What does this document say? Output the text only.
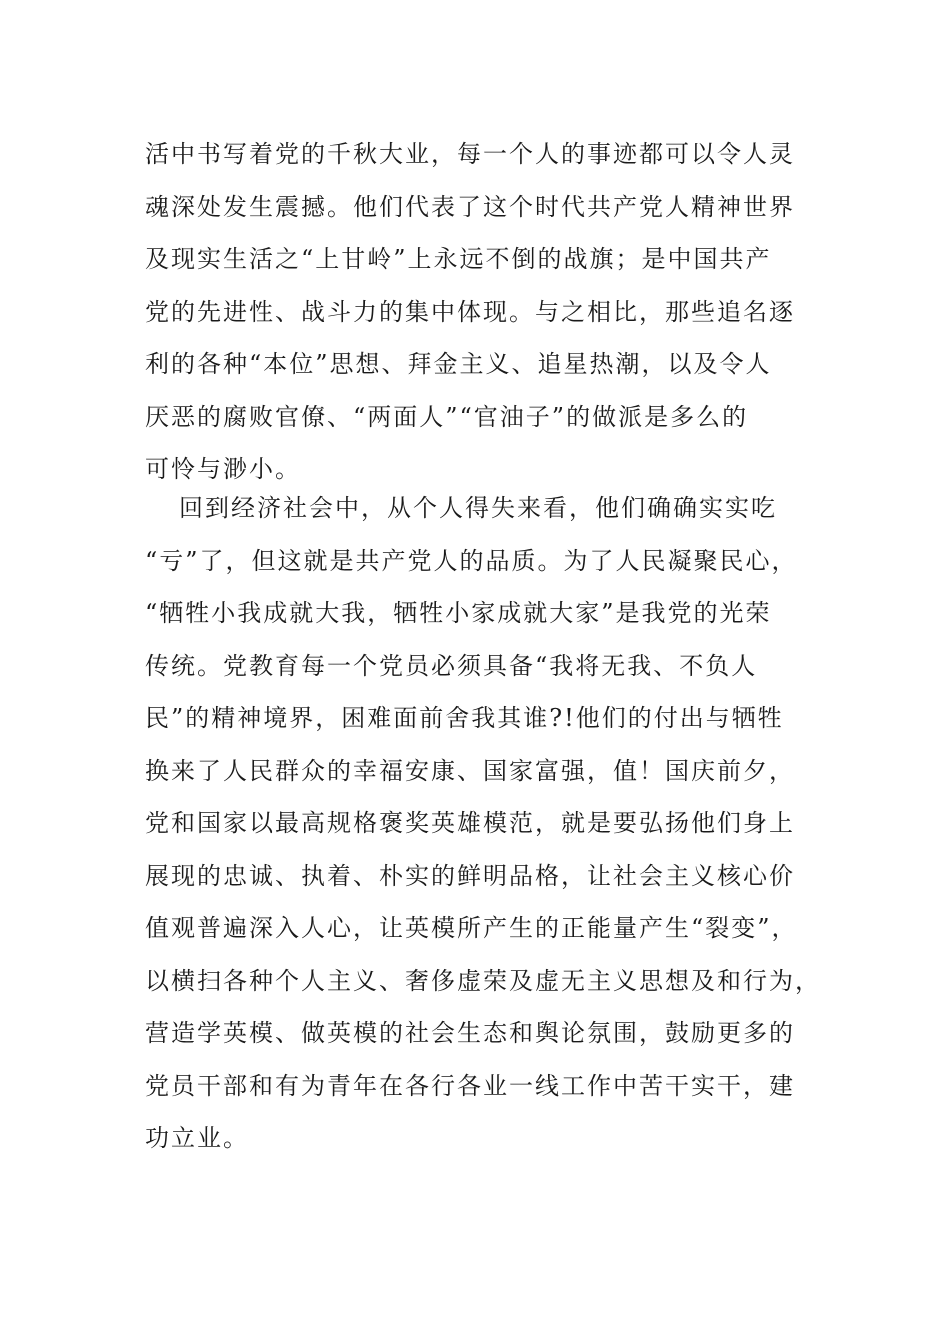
活中书写着党的千秋大业，每一个人的事迹都可以令人灵
魂深处发生震撼。他们代表了这个时代共产党人精神世界
及现实生活之“上甘岭”上永远不倒的战旗；是中国共产
党的先进性、战斗力的集中体现。与之相比，那些追名逐
利的各种“本位”思想、拜金主义、追星热潮，以及令人
厌恶的腐败官僚、“两面人”“官油子”的做派是多么的
可怜与渺小。
回到经济社会中，从个人得失来看，他们确确实实吃
“亏”了，但这就是共产党人的品质。为了人民凝聚民心，
“牺牲小我成就大我，牺牲小家成就大家”是我党的光荣
传统。党教育每一个党员必须具备“我将无我、不负人
民”的精神境界，困难面前舍我其谁?!他们的付出与牺牲
换来了人民群众的幸福安康、国家富强，值！国庆前夕，
党和国家以最高规格褒奖英雄模范，就是要弘扬他们身上
展现的忠诚、执着、朴实的鲜明品格，让社会主义核心价
值观普遍深入人心，让英模所产生的正能量产生“裂变”，
以横扫各种个人主义、奢侈虚荣及虚无主义思想及和行为，
营造学英模、做英模的社会生态和舆论氛围，鼓励更多的
党员干部和有为青年在各行各业一线工作中苦干实干，建
功立业。
